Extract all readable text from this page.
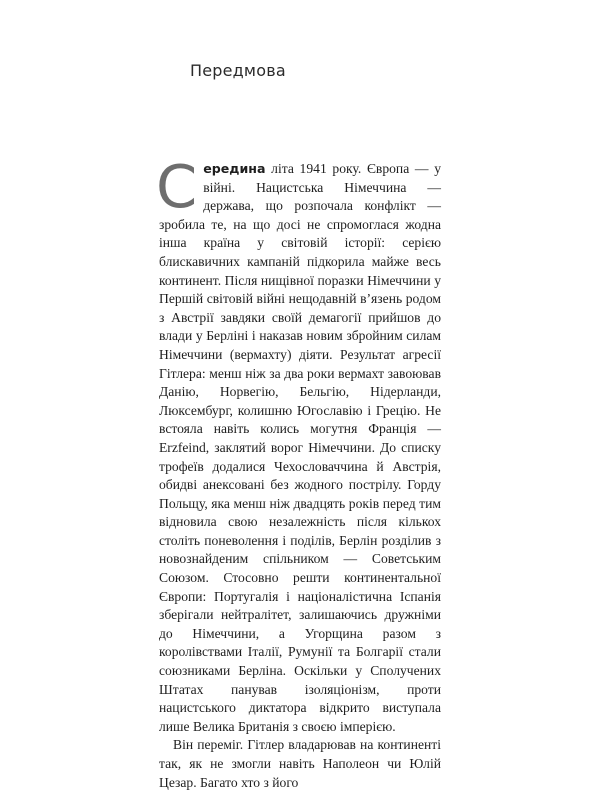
Передмова

Середина літа 1941 року. Європа — у війні. Нацистська Німеччина — держава, що розпочала конфлікт — зробила те, на що досі не спромоглася жодна інша країна у світовій історії: серією блискавичних кампаній підкорила майже весь континент. Після нищівної поразки Німеччини у Першій світовій війні нещодавній в’язень родом з Австрії завдяки своїй демагогії прийшов до влади у Берліні і наказав новим збройним силам Німеччини (вермахту) діяти. Результат агресії Гітлера: менш ніж за два роки вермахт завоював Данію, Норвегію, Бельгію, Нідерланди, Люксембург, колишню Югославію і Грецію. Не встояла навіть колись могутня Франція — Erzfeind, заклятий ворог Німеччини. До списку трофеїв додалися Чехословаччина й Австрія, обидві анексовані без жодного пострілу. Горду Польщу, яка менш ніж двадцять років перед тим відновила свою незалежність після кількох століть поневолення і поділів, Берлін розділив з новознайденим спільником — Советським Союзом. Стосовно решти континентальної Європи: Португалія і націоналістична Іспанія зберігали нейтралітет, залишаючись дружніми до Німеччини, а Угорщина разом з королівствами Італії, Румунії та Болгарії стали союзниками Берліна. Оскільки у Сполучених Штатах панував ізоляціонізм, проти нацистського диктатора відкрито виступала лише Велика Британія з своєю імперією.

Він переміг. Гітлер владарював на континенті так, як не змогли навіть Наполеон чи Юлій Цезар. Багато хто з його
